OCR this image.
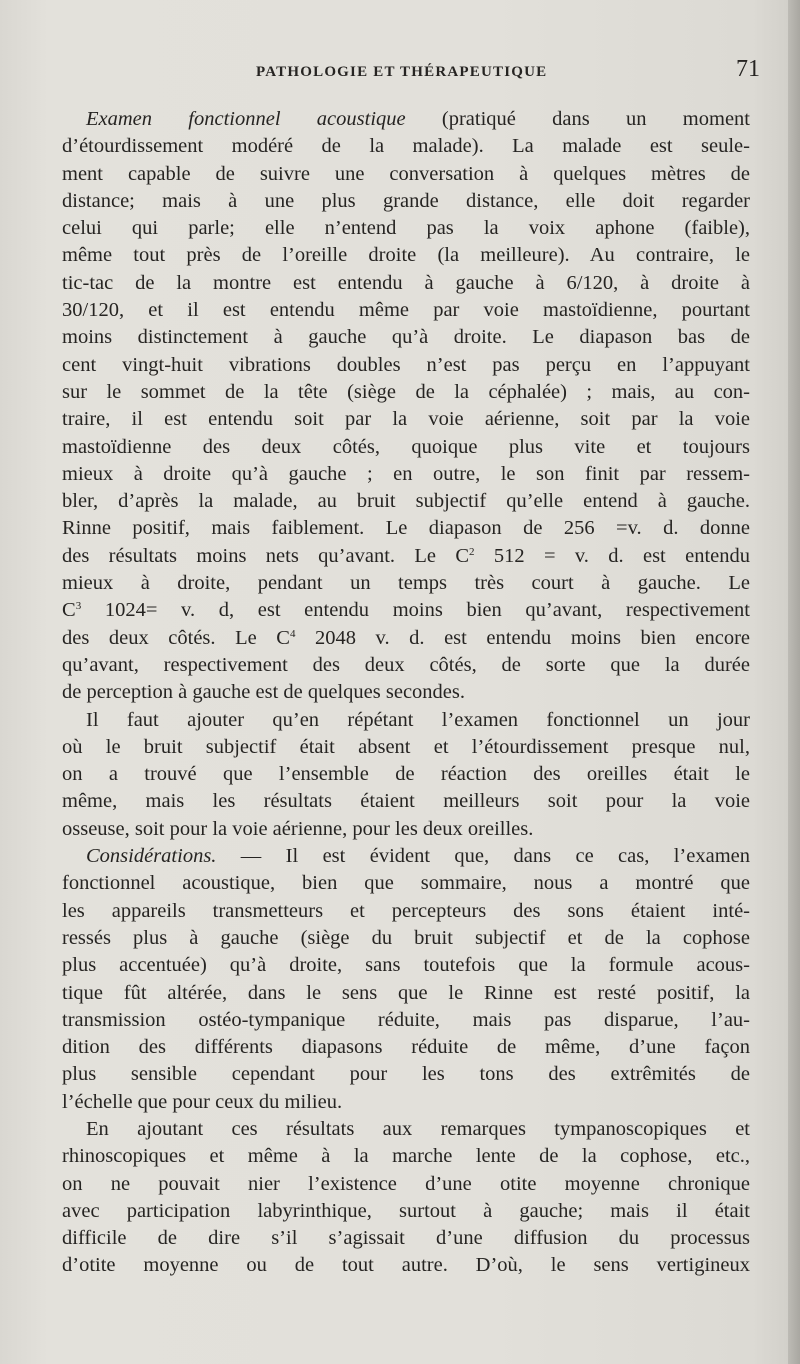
PATHOLOGIE ET THÉRAPEUTIQUE	71
Examen fonctionnel acoustique (pratiqué dans un moment
d’étourdissement modéré de la malade). La malade est seule-
ment capable de suivre une conversation à quelques mètres de
distance; mais à une plus grande distance, elle doit regarder
celui qui parle; elle n’entend pas la voix aphone (faible),
même tout près de l’oreille droite (la meilleure). Au contraire, le
tic-tac de la montre est entendu à gauche à 6/120, à droite à
30/120, et il est entendu même par voie mastoïdienne, pourtant
moins distinctement à gauche qu’à droite. Le diapason bas de
cent vingt-huit vibrations doubles n’est pas perçu en l’appuyant
sur le sommet de la tête (siège de la céphalée) ; mais, au con-
traire, il est entendu soit par la voie aérienne, soit par la voie
mastoïdienne des deux côtés, quoique plus vite et toujours
mieux à droite qu’à gauche ; en outre, le son finit par ressem-
bler, d’après la malade, au bruit subjectif qu’elle entend à gauche.
Rinne positif, mais faiblement. Le diapason de 256 =v. d. donne
des résultats moins nets qu’avant. Le $C^2$ 512 = v. d. est entendu
mieux à droite, pendant un temps très court à gauche. Le
$C^3$ 1024= v. d, est entendu moins bien qu’avant, respectivement
des deux côtés. Le $C^4$ 2048 v. d. est entendu moins bien encore
qu’avant, respectivement des deux côtés, de sorte que la durée
de perception à gauche est de quelques secondes.
Il faut ajouter qu’en répétant l’examen fonctionnel un jour
où le bruit subjectif était absent et l’étourdissement presque nul,
on a trouvé que l’ensemble de réaction des oreilles était le
même, mais les résultats étaient meilleurs soit pour la voie
osseuse, soit pour la voie aérienne, pour les deux oreilles.
Considérations. — Il est évident que, dans ce cas, l’examen
fonctionnel acoustique, bien que sommaire, nous a montré que
les appareils transmetteurs et percepteurs des sons étaient inté-
ressés plus à gauche (siège du bruit subjectif et de la cophose
plus accentuée) qu’à droite, sans toutefois que la formule acous-
tique fût altérée, dans le sens que le Rinne est resté positif, la
transmission ostéo-tympanique réduite, mais pas disparue, l’au-
dition des différents diapasons réduite de même, d’une façon
plus sensible cependant pour les tons des extrêmités de
l’échelle que pour ceux du milieu.
En ajoutant ces résultats aux remarques tympanoscopiques et
rhinoscopiques et même à la marche lente de la cophose, etc.,
on ne pouvait nier l’existence d’une otite moyenne chronique
avec participation labyrinthique, surtout à gauche; mais il était
difficile de dire s’il s’agissait d’une diffusion du processus
d’otite moyenne ou de tout autre. D’où, le sens vertigineux
